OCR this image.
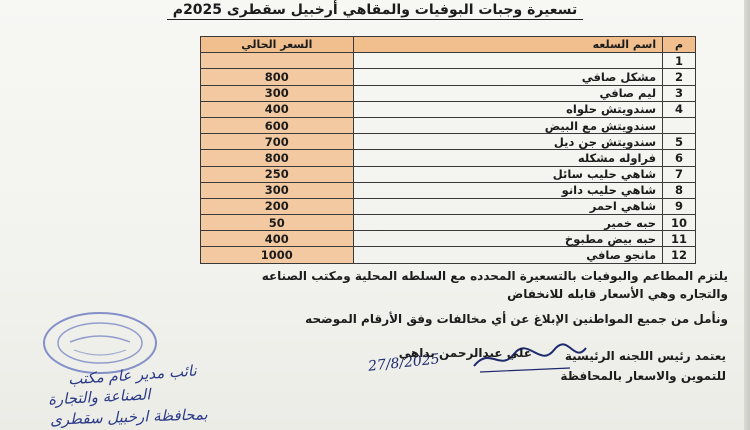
تسعيرة وجبات البوفيات والمقاهي أرخبيل سقطرى 2025م
م	اسم السلعه	السعر الحالي
1		
2	مشكل صافي	800
3	ليم صافي	300
4	سندويتش حلواه	400
	سندويتش مع البيض	600
5	سندويتش جن ديل	700
6	فراوله مشكله	800
7	شاهي حليب سائل	250
8	شاهي حليب دانو	300
9	شاهي احمر	200
10	حبه خمير	50
11	حبه بيض مطبوخ	400
12	مانجو صافي	1000
يلتزم المطاعم والبوفيات بالتسعيرة المحدده مع السلطه المحلية ومكتب الصناعه
والتجاره وهي الأسعار قابله للانخفاض
ونأمل من جميع المواطنين الإبلاغ عن أي مخالفات وفق الأرقام الموضحه
27/8/2025	يعتمد رئيس اللجنه الرئيسية
للتموين والاسعار بالمحافظة
علي عبدالرحمن بداهي
نائب مدير عام مكتب
الصناعة والتجارة
بمحافظة ارخبيل سقطرى
